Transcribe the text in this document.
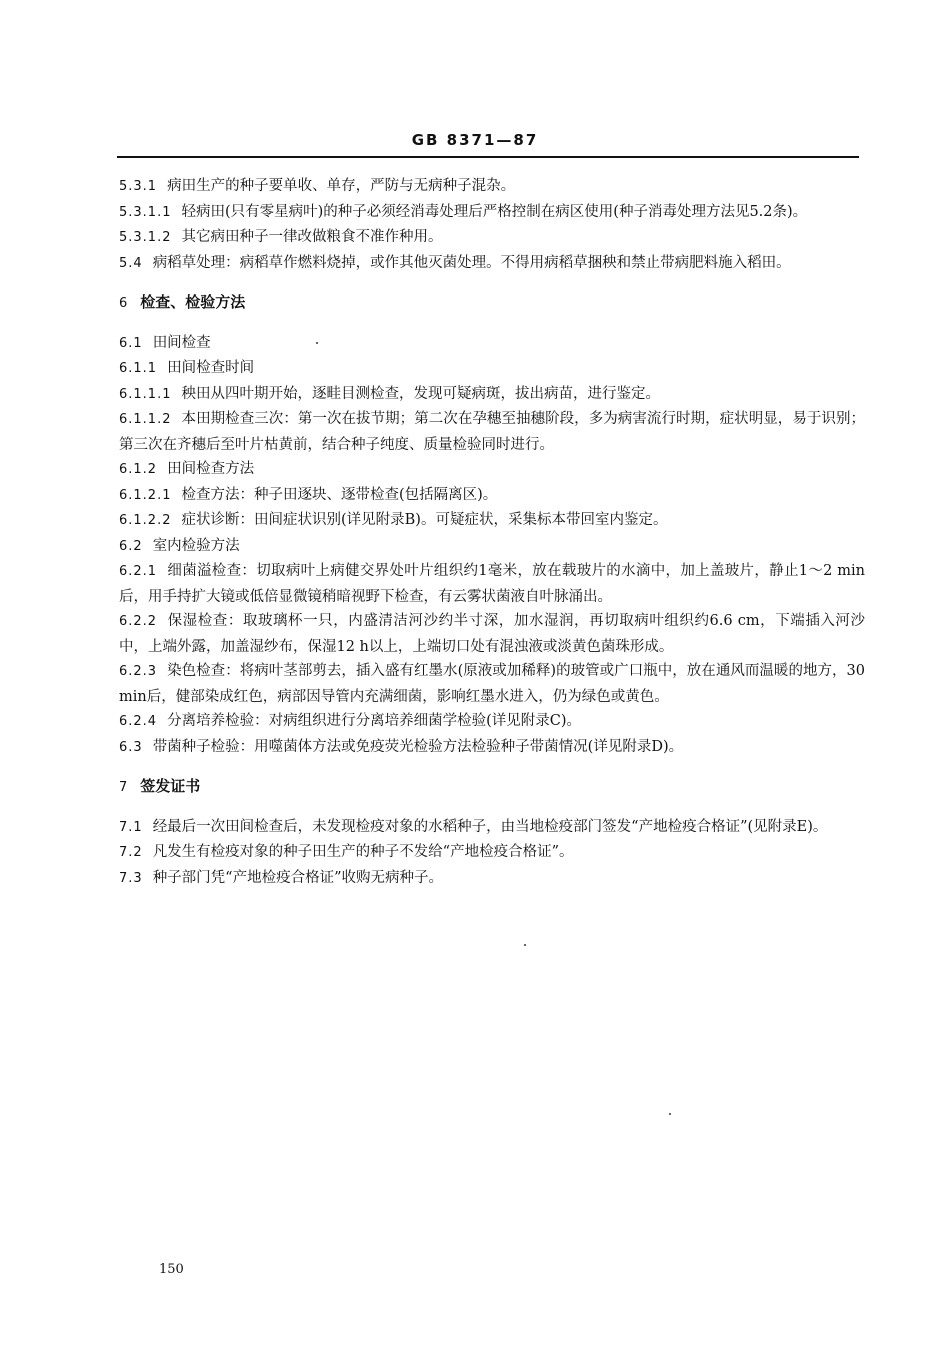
GB 8371—87

5.3.1 病田生产的种子要单收、单存，严防与无病种子混杂。

5.3.1.1 轻病田(只有零星病叶)的种子必须经消毒处理后严格控制在病区使用(种子消毒处理方法见5.2条)。

5.3.1.2 其它病田种子一律改做粮食不准作种用。

5.4 病稻草处理：病稻草作燃料烧掉，或作其他灭菌处理。不得用病稻草捆秧和禁止带病肥料施入稻田。

6 检查、检验方法

6.1 田间检查

6.1.1 田间检查时间

6.1.1.1 秧田从四叶期开始，逐畦目测检查，发现可疑病斑，拔出病苗，进行鉴定。

6.1.1.2 本田期检查三次：第一次在拔节期；第二次在孕穗至抽穗阶段，多为病害流行时期，症状明显，易于识别；第三次在齐穗后至叶片枯黄前，结合种子纯度、质量检验同时进行。

6.1.2 田间检查方法

6.1.2.1 检查方法：种子田逐块、逐带检查(包括隔离区)。

6.1.2.2 症状诊断：田间症状识别(详见附录B)。可疑症状，采集标本带回室内鉴定。

6.2 室内检验方法

6.2.1 细菌溢检查：切取病叶上病健交界处叶片组织约1毫米，放在载玻片的水滴中，加上盖玻片，静止1～2 min后，用手持扩大镜或低倍显微镜稍暗视野下检查，有云雾状菌液自叶脉涌出。

6.2.2 保湿检查：取玻璃杯一只，内盛清洁河沙约半寸深，加水湿润，再切取病叶组织约6.6 cm，下端插入河沙中，上端外露，加盖湿纱布，保湿12 h以上，上端切口处有混浊液或淡黄色菌珠形成。

6.2.3 染色检查：将病叶茎部剪去，插入盛有红墨水(原液或加稀释)的玻管或广口瓶中，放在通风而温暖的地方，30 min后，健部染成红色，病部因导管内充满细菌，影响红墨水进入，仍为绿色或黄色。

6.2.4 分离培养检验：对病组织进行分离培养细菌学检验(详见附录C)。

6.3 带菌种子检验：用噬菌体方法或免疫荧光检验方法检验种子带菌情况(详见附录D)。

7 签发证书

7.1 经最后一次田间检查后，未发现检疫对象的水稻种子，由当地检疫部门签发“产地检疫合格证”(见附录E)。

7.2 凡发生有检疫对象的种子田生产的种子不发给“产地检疫合格证”。

7.3 种子部门凭“产地检疫合格证”收购无病种子。

150
